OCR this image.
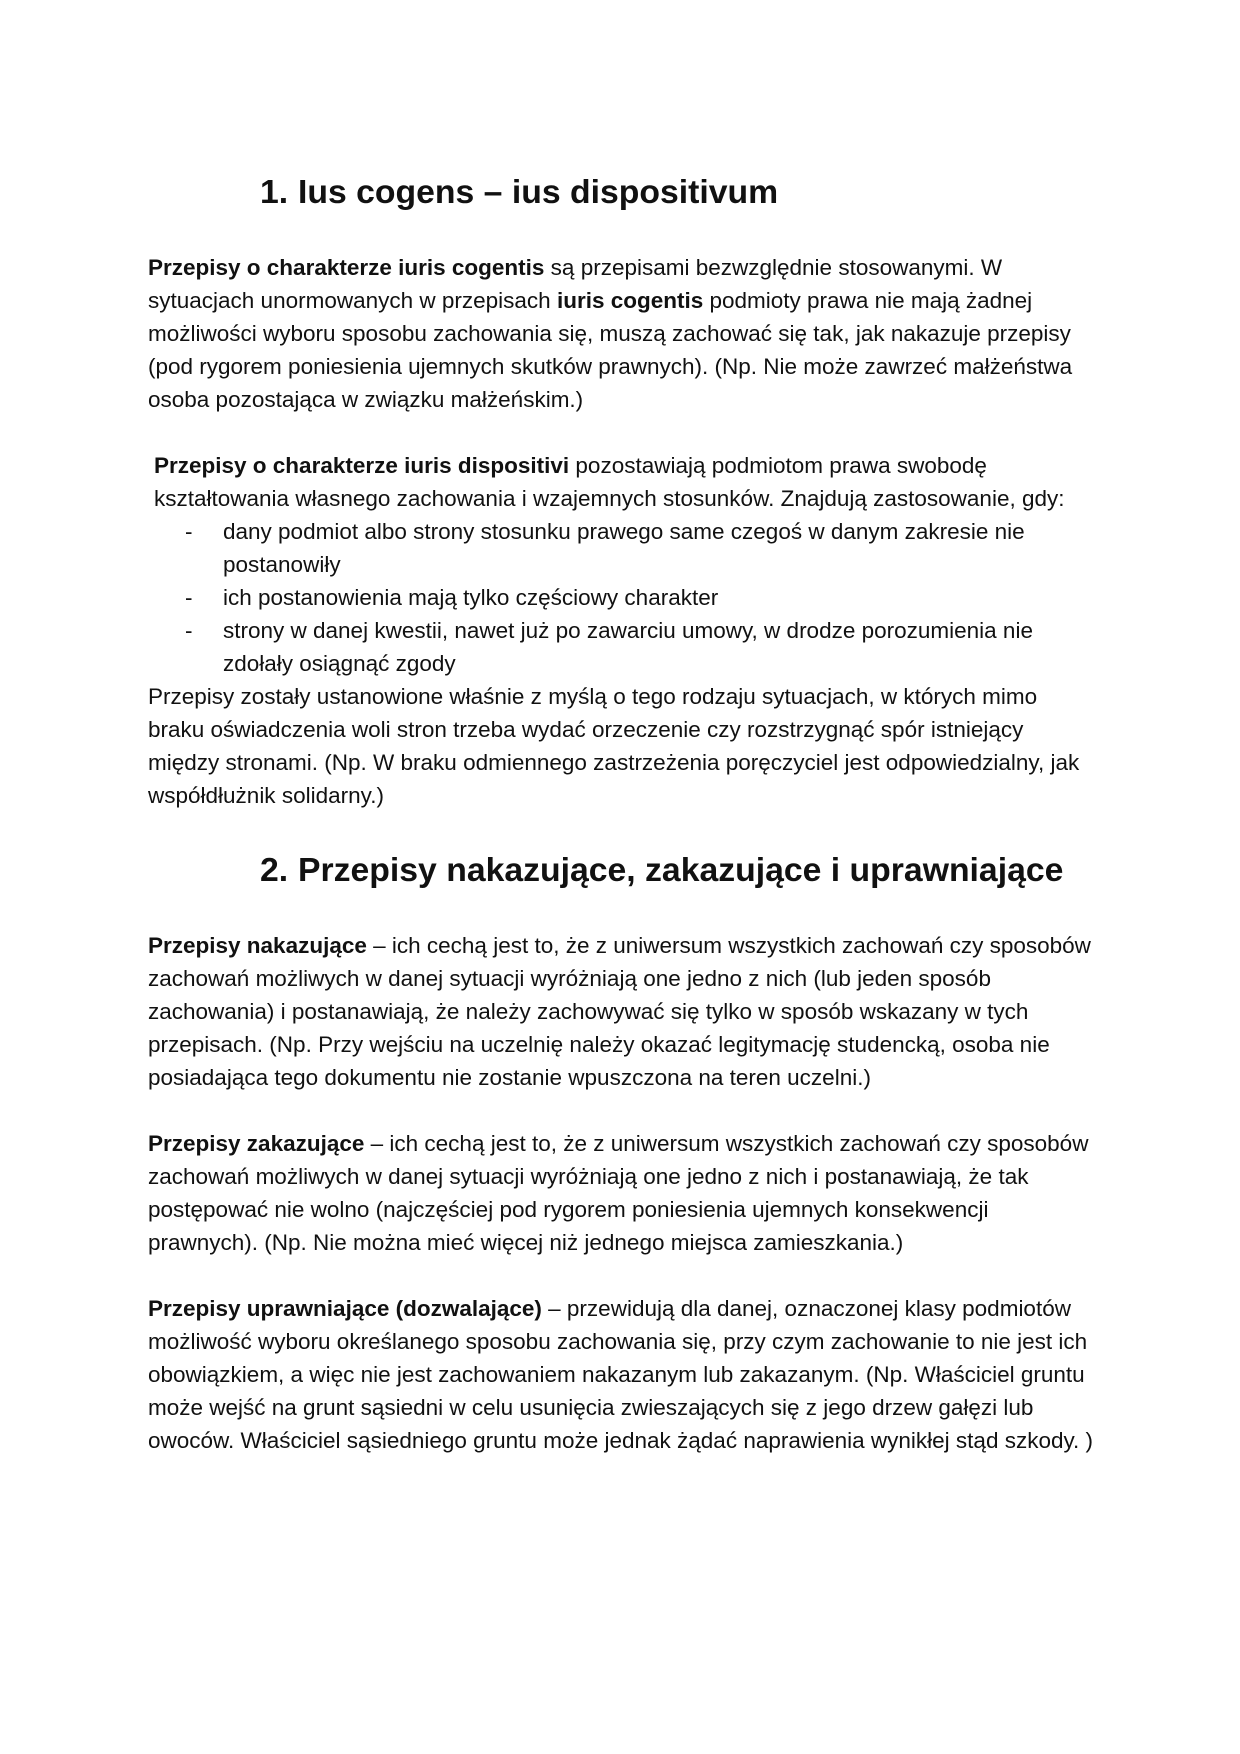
1. Ius cogens – ius dispositivum

Przepisy o charakterze iuris cogentis są przepisami bezwzględnie stosowanymi. W sytuacjach unormowanych w przepisach iuris cogentis podmioty prawa nie mają żadnej możliwości wyboru sposobu zachowania się, muszą zachować się tak, jak nakazuje przepisy (pod rygorem poniesienia ujemnych skutków prawnych). (Np. Nie może zawrzeć małżeństwa osoba pozostająca w związku małżeńskim.)

Przepisy o charakterze iuris dispositivi pozostawiają podmiotom prawa swobodę kształtowania własnego zachowania i wzajemnych stosunków. Znajdują zastosowanie, gdy:

- dany podmiot albo strony stosunku prawego same czegoś w danym zakresie nie postanowiły
- ich postanowienia mają tylko częściowy charakter
- strony w danej kwestii, nawet już po zawarciu umowy, w drodze porozumienia nie zdołały osiągnąć zgody

Przepisy zostały ustanowione właśnie z myślą o tego rodzaju sytuacjach, w których mimo braku oświadczenia woli stron trzeba wydać orzeczenie czy rozstrzygnąć spór istniejący między stronami. (Np. W braku odmiennego zastrzeżenia poręczyciel jest odpowiedzialny, jak współdłużnik solidarny.)

2. Przepisy nakazujące, zakazujące i uprawniające

Przepisy nakazujące – ich cechą jest to, że z uniwersum wszystkich zachowań czy sposobów zachowań możliwych w danej sytuacji wyróżniają one jedno z nich (lub jeden sposób zachowania) i postanawiają, że należy zachowywać się tylko w sposób wskazany w tych przepisach. (Np. Przy wejściu na uczelnię należy okazać legitymację studencką, osoba nie posiadająca tego dokumentu nie zostanie wpuszczona na teren uczelni.)

Przepisy zakazujące – ich cechą jest to, że z uniwersum wszystkich zachowań czy sposobów zachowań możliwych w danej sytuacji wyróżniają one jedno z nich i postanawiają, że tak postępować nie wolno (najczęściej pod rygorem poniesienia ujemnych konsekwencji prawnych). (Np. Nie można mieć więcej niż jednego miejsca zamieszkania.)

Przepisy uprawniające (dozwalające) – przewidują dla danej, oznaczonej klasy podmiotów możliwość wyboru określanego sposobu zachowania się, przy czym zachowanie to nie jest ich obowiązkiem, a więc nie jest zachowaniem nakazanym lub zakazanym. (Np. Właściciel gruntu może wejść na grunt sąsiedni w celu usunięcia zwieszających się z jego drzew gałęzi lub owoców. Właściciel sąsiedniego gruntu może jednak żądać naprawienia wynikłej stąd szkody. )
